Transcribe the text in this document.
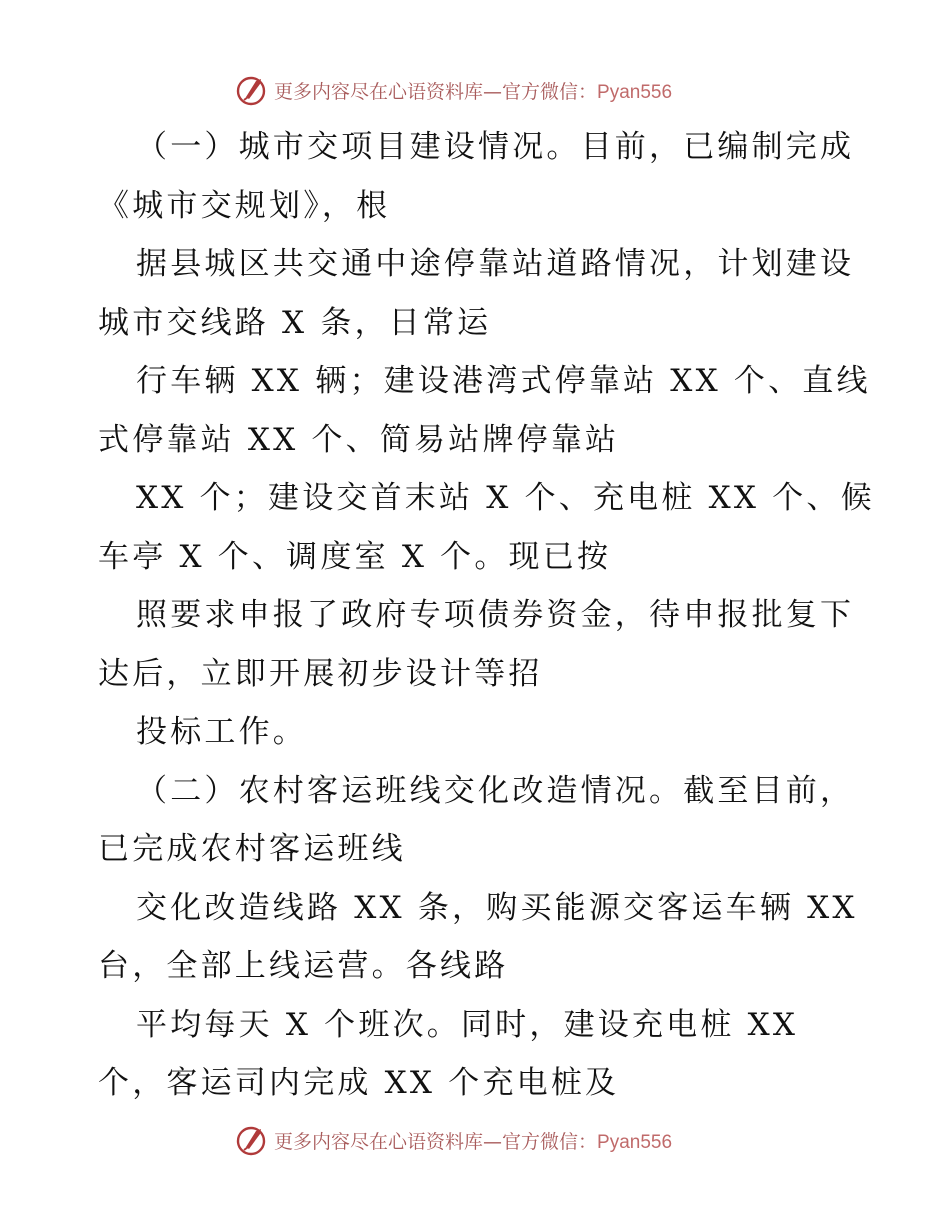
更多内容尽在心语资料库—官方微信：Pyan556
（一）城市交项目建设情况。目前，已编制完成
《城市交规划》，根
据县城区共交通中途停靠站道路情况，计划建设
城市交线路 X 条，日常运
行车辆 XX 辆；建设港湾式停靠站 XX 个、直线
式停靠站 XX 个、简易站牌停靠站
XX 个；建设交首末站 X 个、充电桩 XX 个、候
车亭 X 个、调度室 X 个。现已按
照要求申报了政府专项债券资金，待申报批复下
达后，立即开展初步设计等招
投标工作。
（二）农村客运班线交化改造情况。截至目前，
已完成农村客运班线
交化改造线路 XX 条，购买能源交客运车辆 XX
台，全部上线运营。各线路
平均每天 X 个班次。同时，建设充电桩 XX
个，客运司内完成 XX 个充电桩及
更多内容尽在心语资料库—官方微信：Pyan556
